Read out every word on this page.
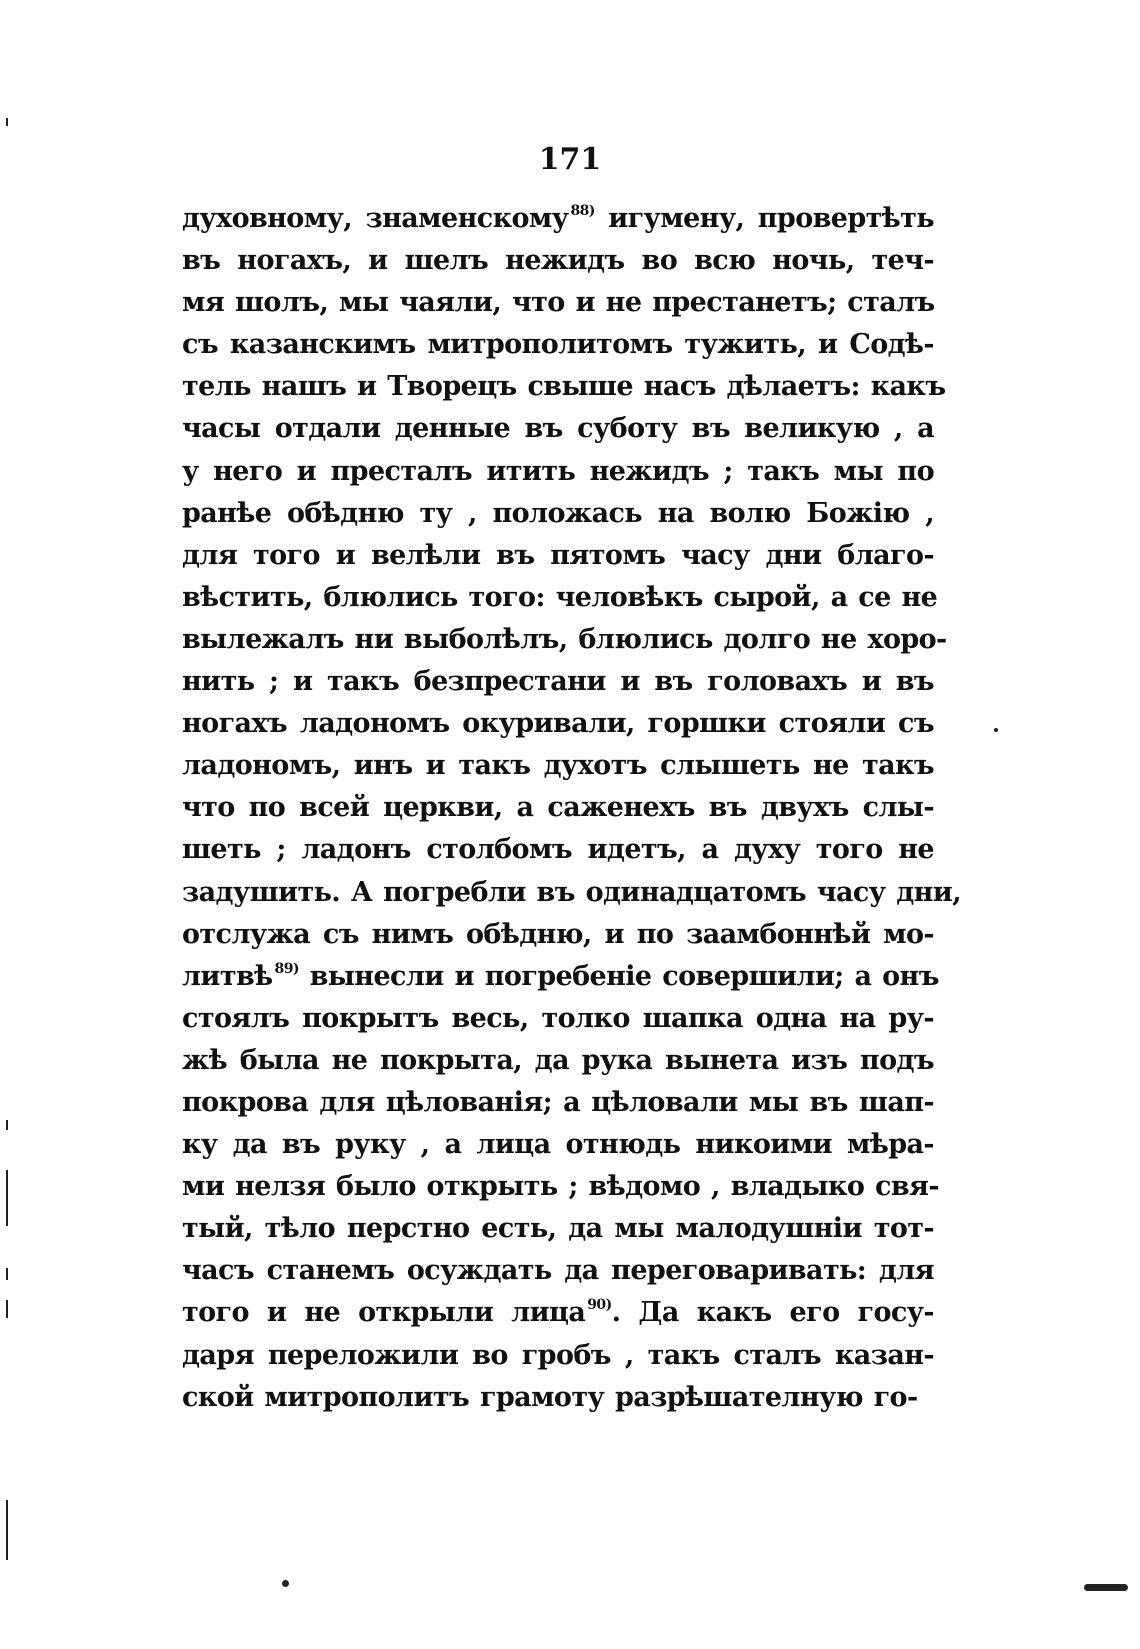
171
духовному, знаменскому $^{88)}$ игумену, провертѣть
въ ногахъ, и шелъ нежидъ во всю ночь, теч-
мя шолъ, мы чаяли, что и не престанетъ; сталъ
съ казанскимъ митрополитомъ тужить, и Содѣ-
тель нашъ и Творецъ свыше насъ дѣлаетъ: какъ
часы отдали денные въ суботу въ великую , а
у него и престалъ итить нежидъ ; такъ мы по
ранѣе обѣдню ту , положась на волю Божію ,
для того и велѣли въ пятомъ часу дни благо-
вѣстить, блюлись того: человѣкъ сырой, а се не
вылежалъ ни выболѣлъ, блюлись долго не хоро-
нить ; и такъ безпрестани и въ головахъ и въ
ногахъ ладономъ окуривали, горшки стояли съ
ладономъ, инъ и такъ духотъ слышеть не такъ
что по всей церкви, а саженехъ въ двухъ слы-
шеть ; ладонъ столбомъ идетъ, а духу того не
задушить. А погребли въ одинадцатомъ часу дни,
отслужа съ нимъ обѣдню, и по заамбоннѣй мо-
литвѣ $^{89)}$ вынесли и погребеніе совершили; а онъ
стоялъ покрытъ весь, толко шапка одна на ру-
жѣ была не покрыта, да рука вынета изъ подъ
покрова для цѣлованія; а цѣловали мы въ шап-
ку да въ руку , а лица отнюдь никоими мѣра-
ми нелзя было открыть ; вѣдомо , владыко свя-
тый, тѣло перстно есть, да мы малодушніи тот-
часъ станемъ осуждать да переговаривать: для
того и не открыли лица $^{90)}$. Да какъ его госу-
даря переложили во гробъ , такъ сталъ казан-
ской митрополитъ грамоту разрѣшателную го-
